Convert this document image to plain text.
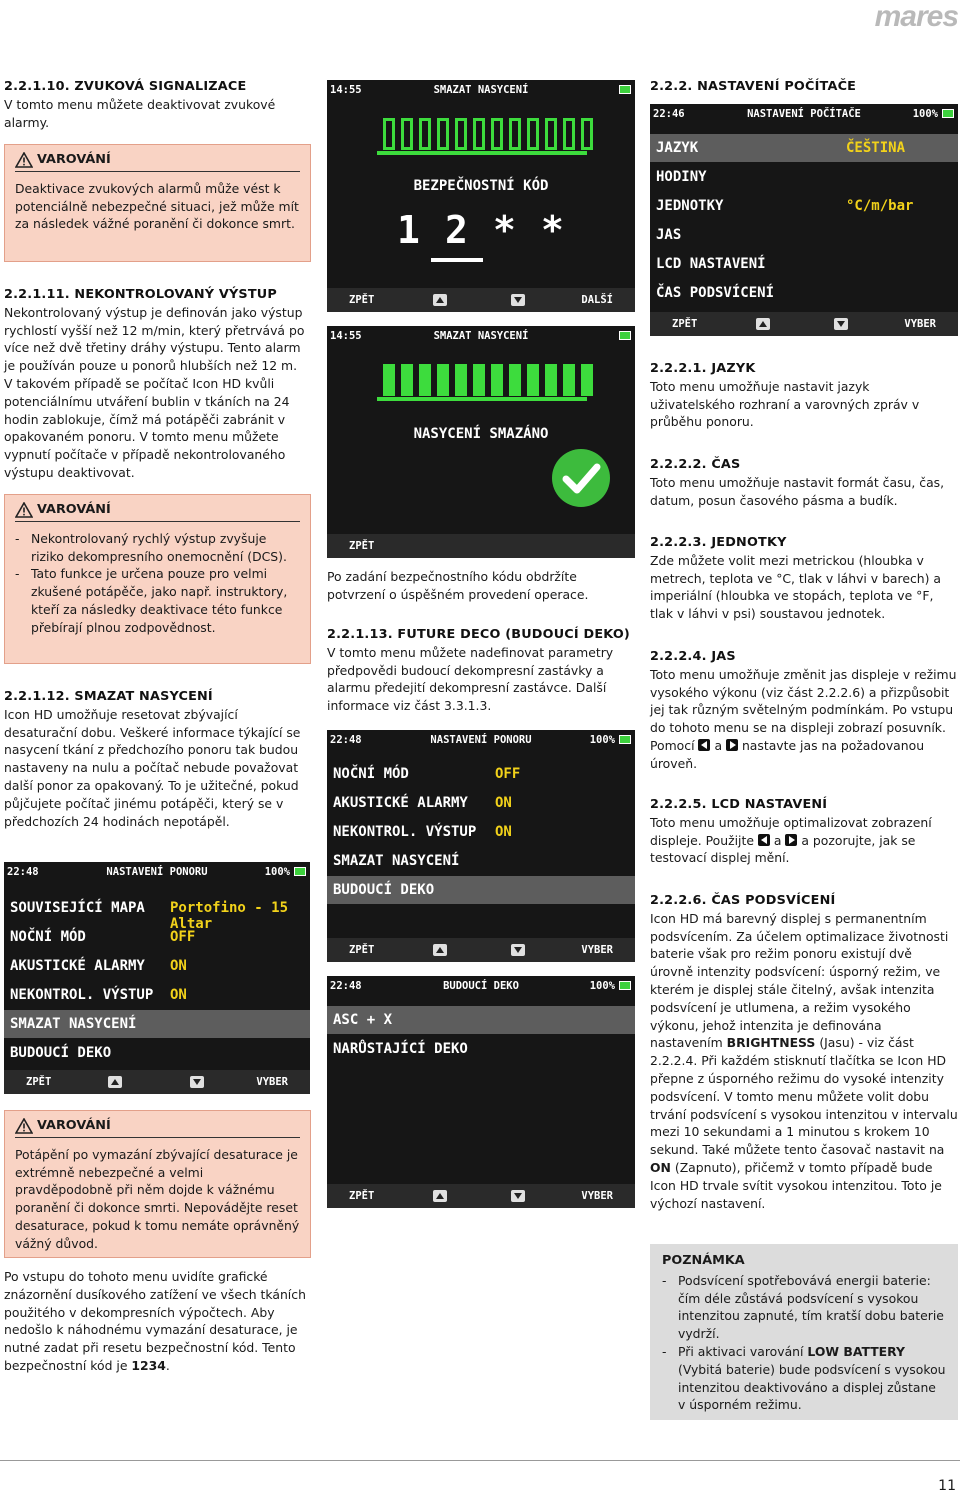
mares
2.2.1.10. ZVUKOVÁ SIGNALIZACE

V tomto menu můžete deaktivovat zvukové alarmy.

VAROVÁNÍ

Deaktivace zvukových alarmů může vést k potenciálně nebezpečné situaci, jež může mít za následek vážné poranění či dokonce smrt.

2.2.1.11. NEKONTROLOVANÝ VÝSTUP

Nekontrolovaný výstup je definován jako výstup rychlostí vyšší než 12 m/min, který přetrvává po více než dvě třetiny dráhy výstupu. Tento alarm je používán pouze u ponorů hlubších než 12 m. V takovém případě se počítač Icon HD kvůli potenciálnímu utváření bublin v tkáních na 24 hodin zablokuje, čímž má potápěči zabránit v opakovaném ponoru. V tomto menu můžete vypnutí počítače v případě nekontrolovaného výstupu deaktivovat.

VAROVÁNÍ
- Nekontrolovaný rychlý výstup zvyšuje riziko dekompresního onemocnění (DCS).
- Tato funkce je určena pouze pro velmi zkušené potápěče, jako např. instruktory, kteří za následky deaktivace této funkce přebírají plnou zodpovědnost.
2.2.1.12. SMAZAT NASYCENÍ

Icon HD umožňuje resetovat zbývající desaturační dobu. Veškeré informace týkající se nasycení tkání z předchozího ponoru tak budou nastaveny na nulu a počítač nebude považovat další ponor za opakovaný. To je užitečné, pokud půjčujete počítač jinému potápěči, který se v předchozích 24 hodinách nepotápěl.

22:48	NASTAVENÍ PONORU	100%
SOUVISEJÍCÍ MAPA Portofino - 15 Altar
NOČNÍ MÓD	OFF
AKUSTICKÉ ALARMY ON
NEKONTROL. VÝSTUP ON
SMAZAT NASYCENÍ
BUDOUCÍ DEKO
ZPĚT	VYBER
VAROVÁNÍ

Potápění po vymazání zbývající desaturace je extrémně nebezpečné a velmi pravděpodobně při něm dojde k vážnému poranění či dokonce smrti. Nepovádějte reset desaturace, pokud k tomu nemáte oprávněný vážný důvod.

Po vstupu do tohoto menu uvidíte grafické znázornění dusíkového zatížení ve všech tkáních použitého v dekompresních výpočtech. Aby nedošlo k náhodnému vymazání desaturace, je nutné zadat při resetu bezpečnostní kód. Tento bezpečnostní kód je 1234.

14:55	SMAZAT NASYCENÍ
BEZPEČNOSTNÍ KÓD
1 2 * *
ZPĚT	DALŠÍ
14:55	SMAZAT NASYCENÍ
NASYCENÍ SMAZÁNO
ZPĚT

Po zadání bezpečnostního kódu obdržíte potvrzení o úspěšném provedení operace.

2.2.1.13. FUTURE DECO (BUDOUCÍ DEKO)

V tomto menu můžete nadefinovat parametry předpovědi budoucí dekompresní zastávky a alarmu předejití dekompresní zastávce. Další informace viz část 3.3.1.3.

22:48	NASTAVENÍ PONORU	100%
NOČNÍ MÓD	OFF
AKUSTICKÉ ALARMY ON
NEKONTROL. VÝSTUP ON
SMAZAT NASYCENÍ
BUDOUCÍ DEKO
ZPĚT	VYBER
22:48	BUDOUCÍ DEKO	100%
ASC + X
NARŮSTAJÍCÍ DEKO
ZPĚT	VYBER
2.2.2. NASTAVENÍ POČÍTAČE
22:46	NASTAVENÍ POČÍTAČE	100%
JAZYK	ČEŠTINA
HODINY
JEDNOTKY	°C/m/bar
JAS
LCD NASTAVENÍ
ČAS PODSVÍCENÍ
ZPĚT	VYBER
2.2.2.1. JAZYK

Toto menu umožňuje nastavit jazyk uživatelského rozhraní a varovných zpráv v průběhu ponoru.

2.2.2.2. ČAS

Toto menu umožňuje nastavit formát času, čas, datum, posun časového pásma a budík.

2.2.2.3. JEDNOTKY

Zde můžete volit mezi metrickou (hloubka v metrech, teplota ve °C, tlak v láhvi v barech) a imperiální (hloubka ve stopách, teplota ve °F, tlak v láhvi v psi) soustavou jednotek.

2.2.2.4. JAS

Toto menu umožňuje změnit jas displeje v režimu vysokého výkonu (viz část 2.2.2.6) a přizpůsobit jej tak různým světelným podmínkám. Po vstupu do tohoto menu se na displeji zobrazí posuvník. Pomocí a nastavte jas na požadovanou úroveň.

2.2.2.5. LCD NASTAVENÍ

Toto menu umožňuje optimalizovat zobrazení displeje. Použijte a a pozorujte, jak se testovací displej mění.

2.2.2.6. ČAS PODSVÍCENÍ

Icon HD má barevný displej s permanentním podsvícením. Za účelem optimalizace životnosti baterie však pro režim ponoru existují dvě úrovně intenzity podsvícení: úsporný režim, ve kterém je displej stále čitelný, avšak intenzita podsvícení je utlumena, a režim vysokého výkonu, jehož intenzita je definována nastavením BRIGHTNESS (Jasu) - viz část 2.2.2.4. Při každém stisknutí tlačítka se Icon HD přepne z úsporného režimu do vysoké intenzity podsvícení. V tomto menu můžete volit dobu trvání podsvícení s vysokou intenzitou v intervalu mezi 10 sekundami a 1 minutou s krokem 10 sekund. Také můžete tento časovač nastavit na ON (Zapnuto), přičemž v tomto případě bude Icon HD trvale svítit vysokou intenzitou. Toto je výchozí nastavení.

POZNÁMKA
- Podsvícení spotřebovává energii baterie: čím déle zůstává podsvícení s vysokou intenzitou zapnuté, tím kratší dobu baterie vydrží.
- Při aktivaci varování LOW BATTERY (Vybitá baterie) bude podsvícení s vysokou intenzitou deaktivováno a displej zůstane v úsporném režimu.
11
